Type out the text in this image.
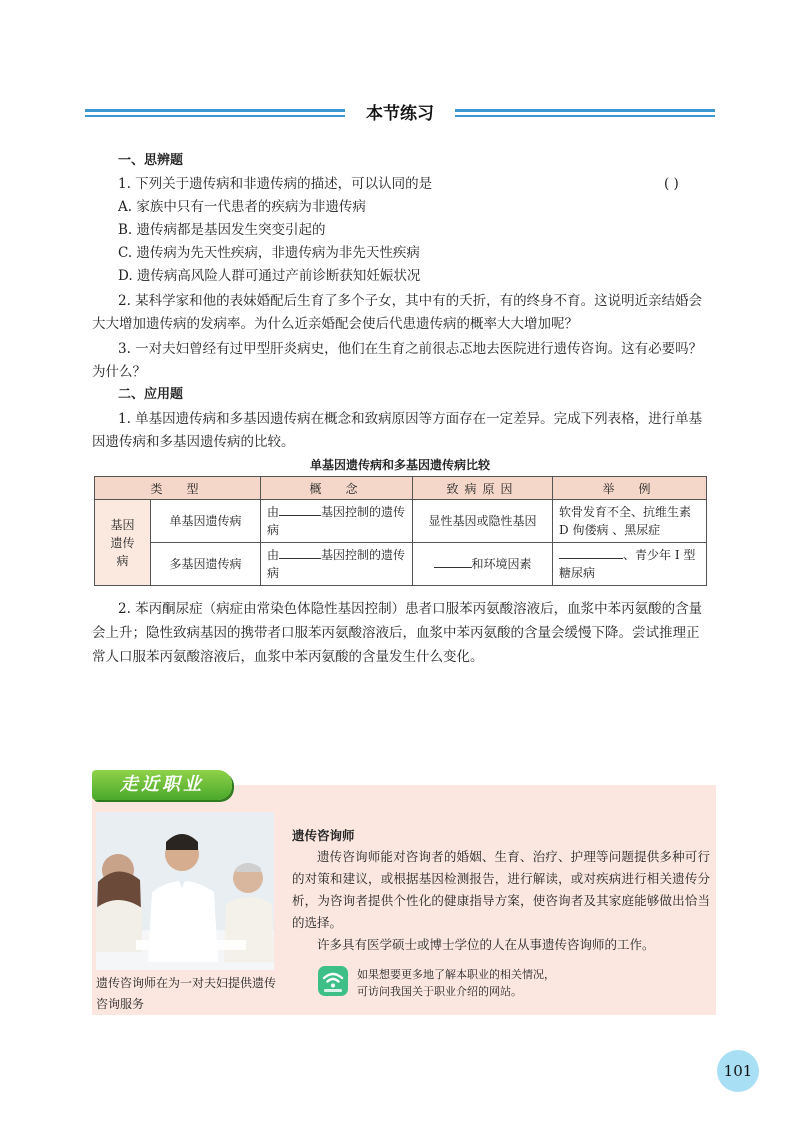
本节练习
一、思辨题
1. 下列关于遗传病和非遗传病的描述，可以认同的是	( )
A. 家族中只有一代患者的疾病为非遗传病
B. 遗传病都是基因发生突变引起的
C. 遗传病为先天性疾病，非遗传病为非先天性疾病
D. 遗传病高风险人群可通过产前诊断获知妊娠状况
2. 某科学家和他的表妹婚配后生育了多个子女，其中有的夭折，有的终身不育。这说明近亲结婚会大大增加遗传病的发病率。为什么近亲婚配会使后代患遗传病的概率大大增加呢？
3. 一对夫妇曾经有过甲型肝炎病史，他们在生育之前很忐忑地去医院进行遗传咨询。这有必要吗？为什么？
二、应用题
1. 单基因遗传病和多基因遗传病在概念和致病原因等方面存在一定差异。完成下列表格，进行单基因遗传病和多基因遗传病的比较。
单基因遗传病和多基因遗传病比较
类　型		概　念	致病原因	举　例
基因遗传病	单基因遗传病	由 基因控制的遗传病	显性基因或隐性基因	软骨发育不全、抗维生素 D 佝偻病 、黑尿症
	多基因遗传病	由 基因控制的遗传病	和环境因素	、青少年 Ⅰ 型糖尿病
2. 苯丙酮尿症（病症由常染色体隐性基因控制）患者口服苯丙氨酸溶液后，血浆中苯丙氨酸的含量会上升；隐性致病基因的携带者口服苯丙氨酸溶液后，血浆中苯丙氨酸的含量会缓慢下降。尝试推理正常人口服苯丙氨酸溶液后，血浆中苯丙氨酸的含量发生什么变化。
走近职业
遗传咨询师在为一对夫妇提供遗传咨询服务
遗传咨询师
遗传咨询师能对咨询者的婚姻、生育、治疗、护理等问题提供多种可行的对策和建议，或根据基因检测报告，进行解读，或对疾病进行相关遗传分析，为咨询者提供个性化的健康指导方案，使咨询者及其家庭能够做出恰当的选择。
许多具有医学硕士或博士学位的人在从事遗传咨询师的工作。
如果想要更多地了解本职业的相关情况，
可访问我国关于职业介绍的网站。
101
